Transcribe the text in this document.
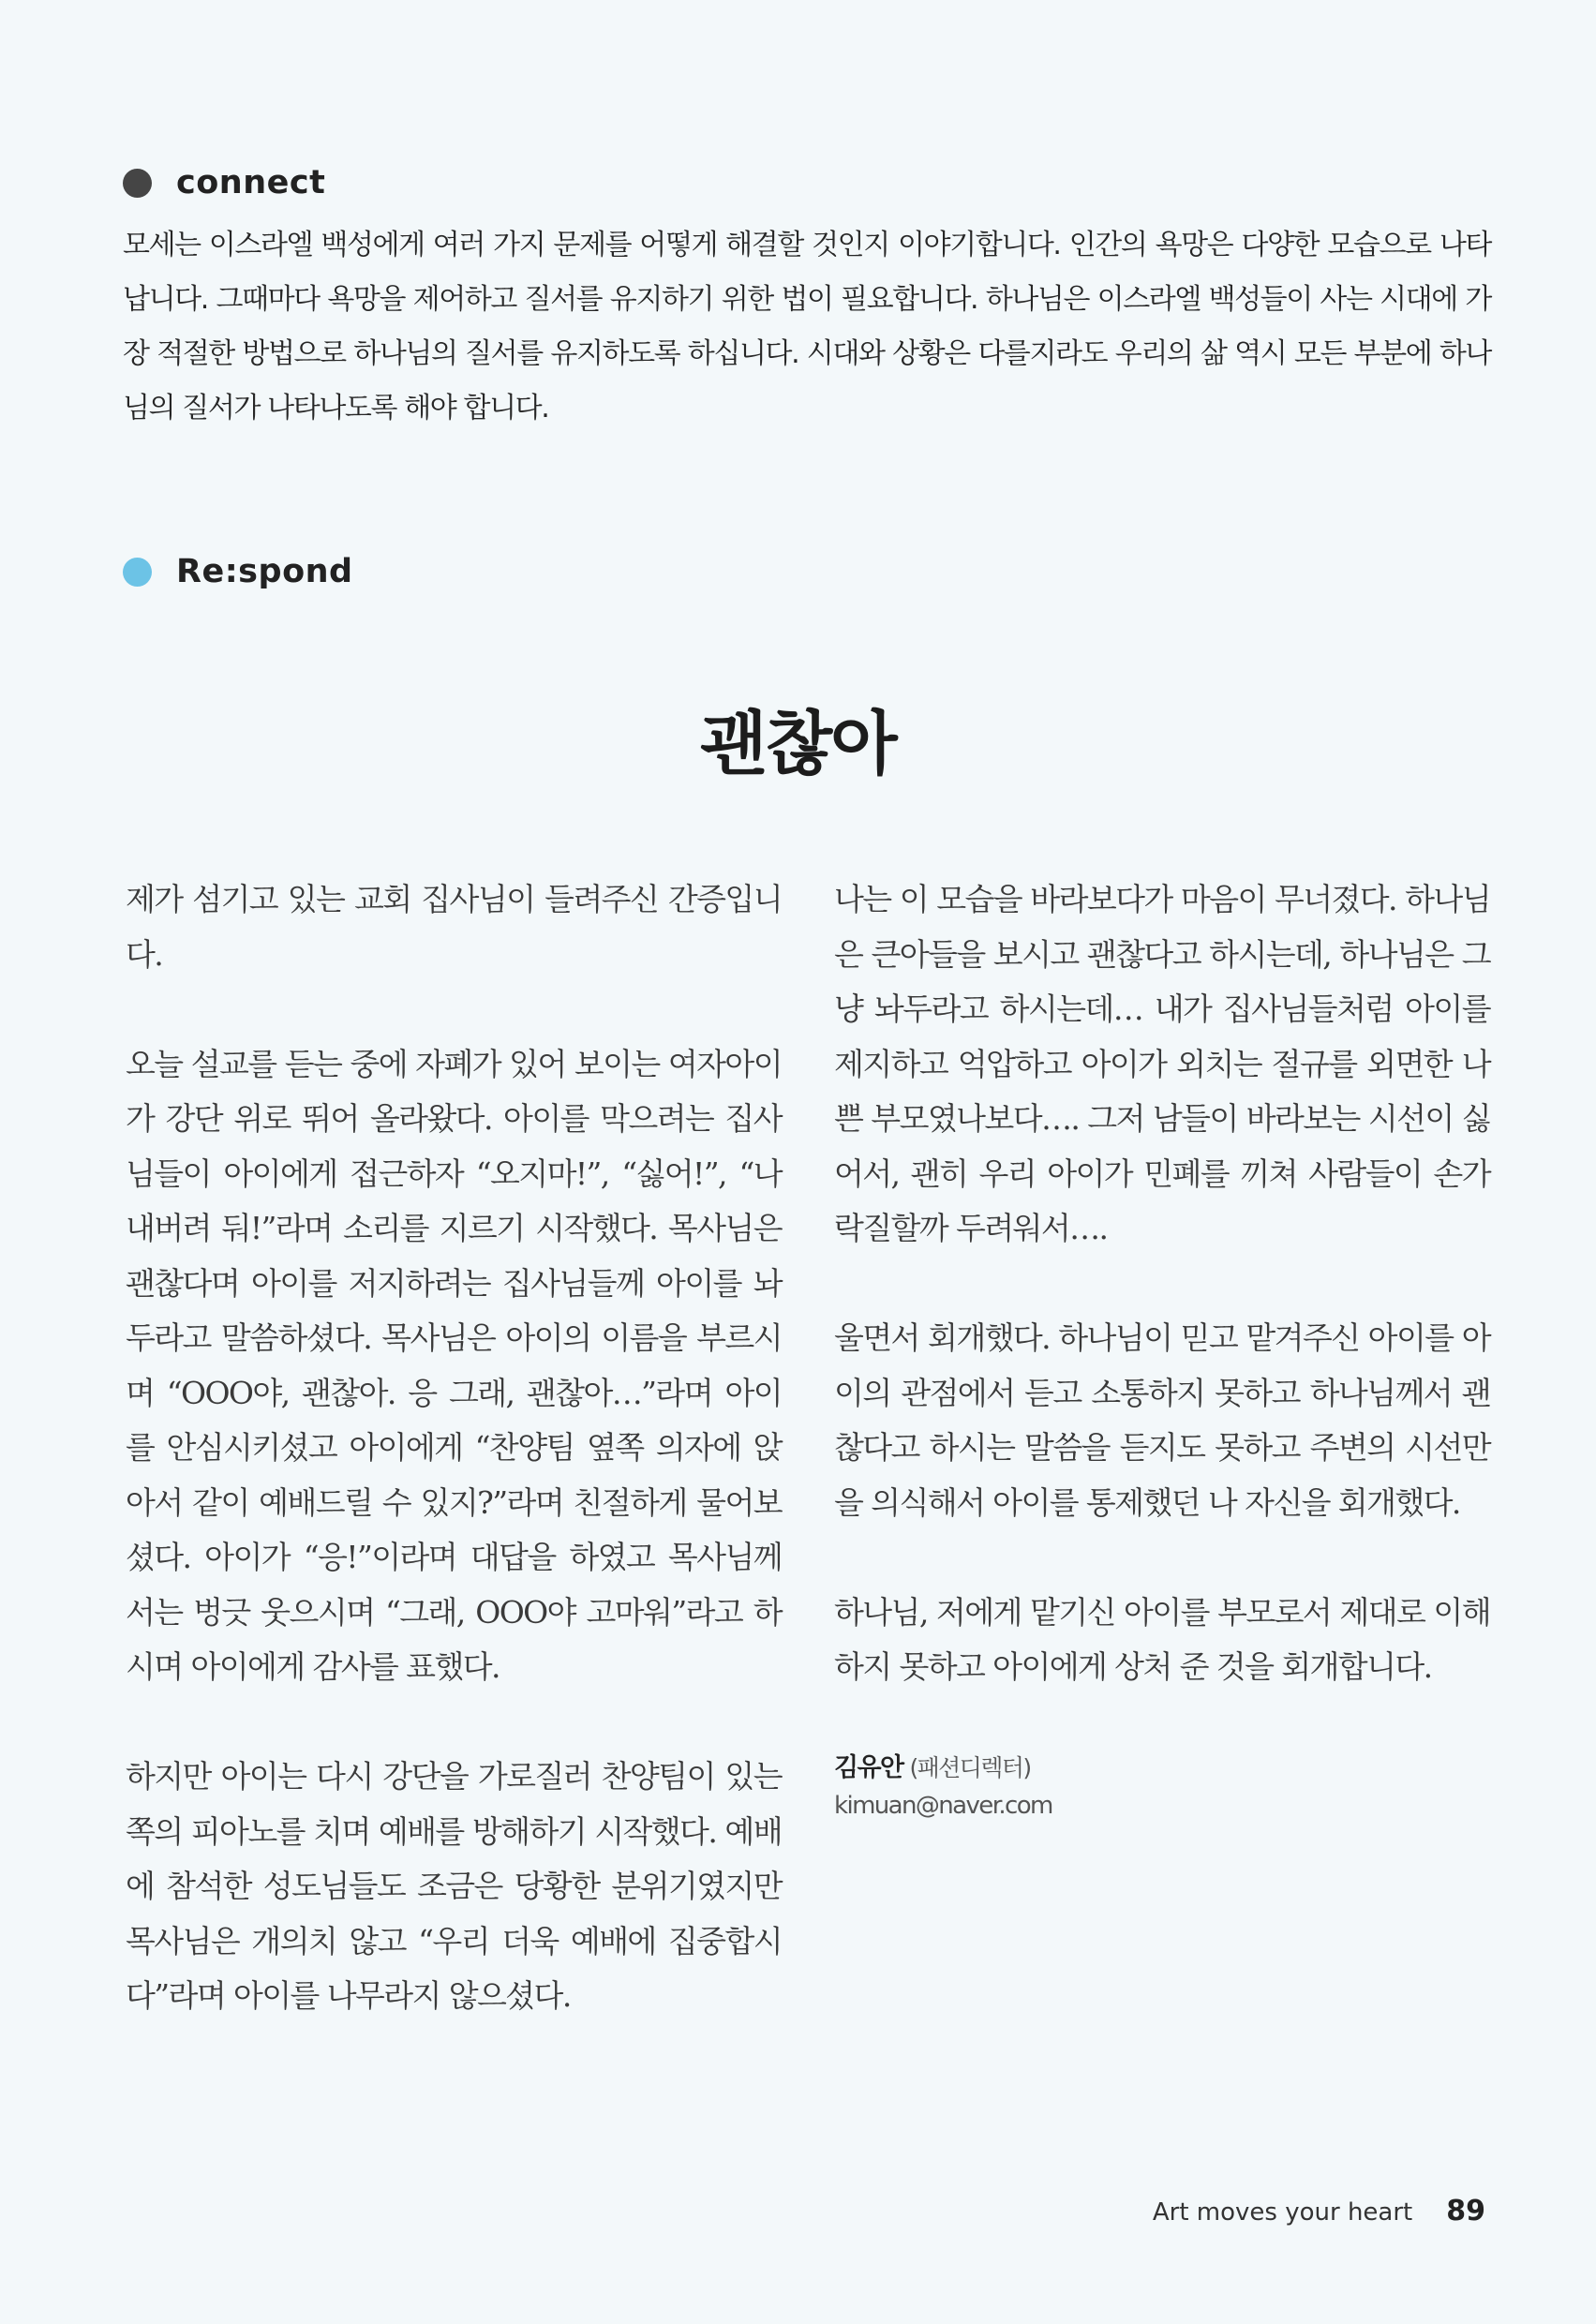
connect

모세는 이스라엘 백성에게 여러 가지 문제를 어떻게 해결할 것인지 이야기합니다. 인간의 욕망은 다양한 모습으로 나타납니다. 그때마다 욕망을 제어하고 질서를 유지하기 위한 법이 필요합니다. 하나님은 이스라엘 백성들이 사는 시대에 가장 적절한 방법으로 하나님의 질서를 유지하도록 하십니다. 시대와 상황은 다를지라도 우리의 삶 역시 모든 부분에 하나님의 질서가 나타나도록 해야 합니다.

Re:spond
괜찮아

제가 섬기고 있는 교회 집사님이 들려주신 간증입니다.

오늘 설교를 듣는 중에 자폐가 있어 보이는 여자아이가 강단 위로 뛰어 올라왔다. 아이를 막으려는 집사님들이 아이에게 접근하자 “오지마!”, “싫어!”, “나 내버려 둬!”라며 소리를 지르기 시작했다. 목사님은 괜찮다며 아이를 저지하려는 집사님들께 아이를 놔두라고 말씀하셨다. 목사님은 아이의 이름을 부르시며 “OOO야, 괜찮아. 응 그래, 괜찮아…”라며 아이를 안심시키셨고 아이에게 “찬양팀 옆쪽 의자에 앉아서 같이 예배드릴 수 있지?”라며 친절하게 물어보셨다. 아이가 “응!”이라며 대답을 하였고 목사님께서는 벙긋 웃으시며 “그래, OOO야 고마워”라고 하시며 아이에게 감사를 표했다.

하지만 아이는 다시 강단을 가로질러 찬양팀이 있는 쪽의 피아노를 치며 예배를 방해하기 시작했다. 예배에 참석한 성도님들도 조금은 당황한 분위기였지만 목사님은 개의치 않고 “우리 더욱 예배에 집중합시다”라며 아이를 나무라지 않으셨다.

나는 이 모습을 바라보다가 마음이 무너졌다. 하나님은 큰아들을 보시고 괜찮다고 하시는데, 하나님은 그냥 놔두라고 하시는데… 내가 집사님들처럼 아이를 제지하고 억압하고 아이가 외치는 절규를 외면한 나쁜 부모였나보다…. 그저 남들이 바라보는 시선이 싫어서, 괜히 우리 아이가 민폐를 끼쳐 사람들이 손가락질할까 두려워서….

울면서 회개했다. 하나님이 믿고 맡겨주신 아이를 아이의 관점에서 듣고 소통하지 못하고 하나님께서 괜찮다고 하시는 말씀을 듣지도 못하고 주변의 시선만을 의식해서 아이를 통제했던 나 자신을 회개했다.

하나님, 저에게 맡기신 아이를 부모로서 제대로 이해하지 못하고 아이에게 상처 준 것을 회개합니다.

김유안 (패션디렉터)
kimuan@naver.com
Art moves your heart 89
